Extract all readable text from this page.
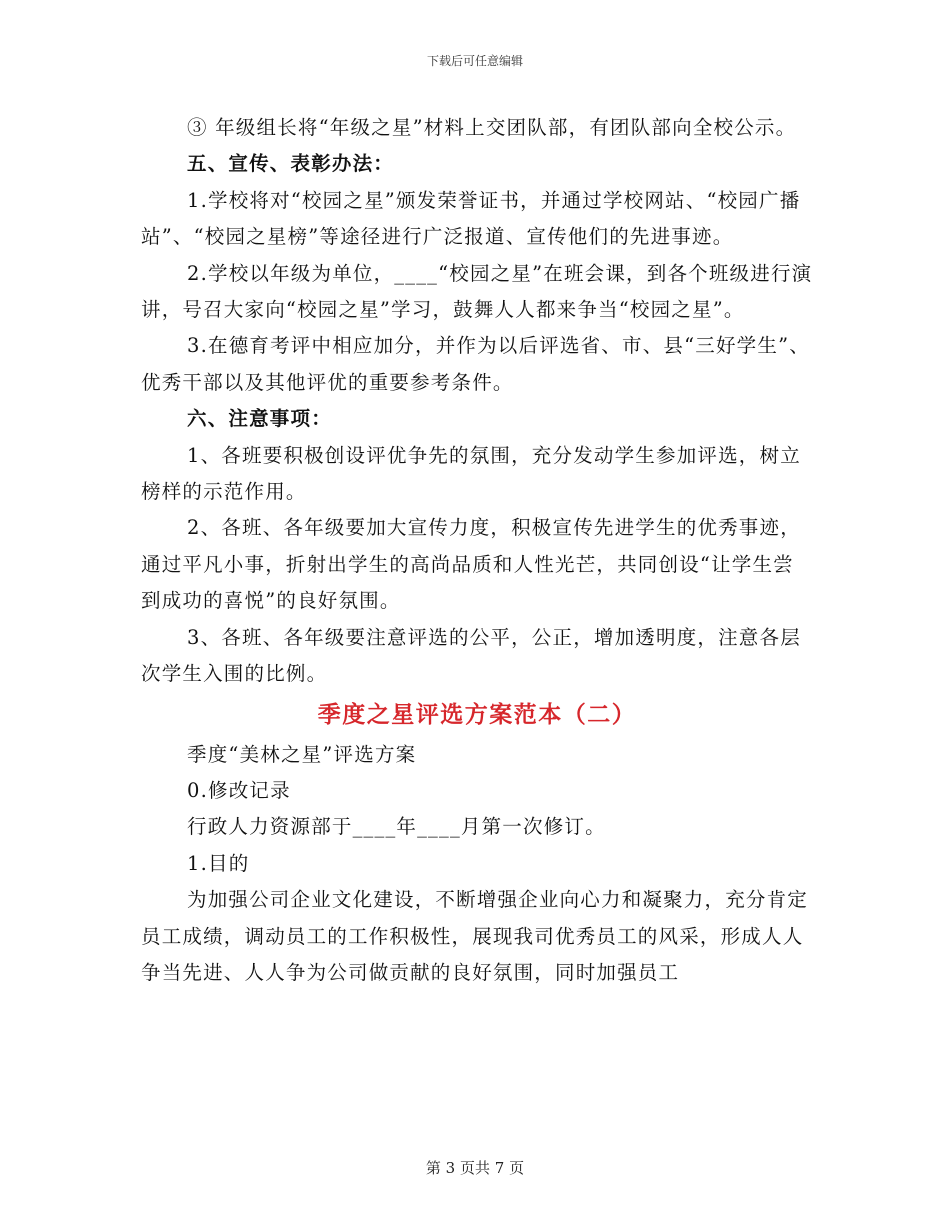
下载后可任意编辑

③ 年级组长将“年级之星”材料上交团队部，有团队部向全校公示。

五、宣传、表彰办法：

1.学校将对“校园之星”颁发荣誉证书，并通过学校网站、“校园广播站”、“校园之星榜”等途径进行广泛报道、宣传他们的先进事迹。

2.学校以年级为单位，____“校园之星”在班会课，到各个班级进行演讲，号召大家向“校园之星”学习，鼓舞人人都来争当“校园之星”。

3.在德育考评中相应加分，并作为以后评选省、市、县“三好学生”、优秀干部以及其他评优的重要参考条件。

六、注意事项：

1、各班要积极创设评优争先的氛围，充分发动学生参加评选，树立榜样的示范作用。

2、各班、各年级要加大宣传力度，积极宣传先进学生的优秀事迹，通过平凡小事，折射出学生的高尚品质和人性光芒，共同创设“让学生尝到成功的喜悦”的良好氛围。

3、各班、各年级要注意评选的公平，公正，增加透明度，注意各层次学生入围的比例。

季度之星评选方案范本（二）

季度“美林之星”评选方案

0.修改记录

行政人力资源部于____年____月第一次修订。

1.目的

为加强公司企业文化建设，不断增强企业向心力和凝聚力，充分肯定员工成绩，调动员工的工作积极性，展现我司优秀员工的风采，形成人人争当先进、人人争为公司做贡献的良好氛围，同时加强员工

第 3 页共 7 页
